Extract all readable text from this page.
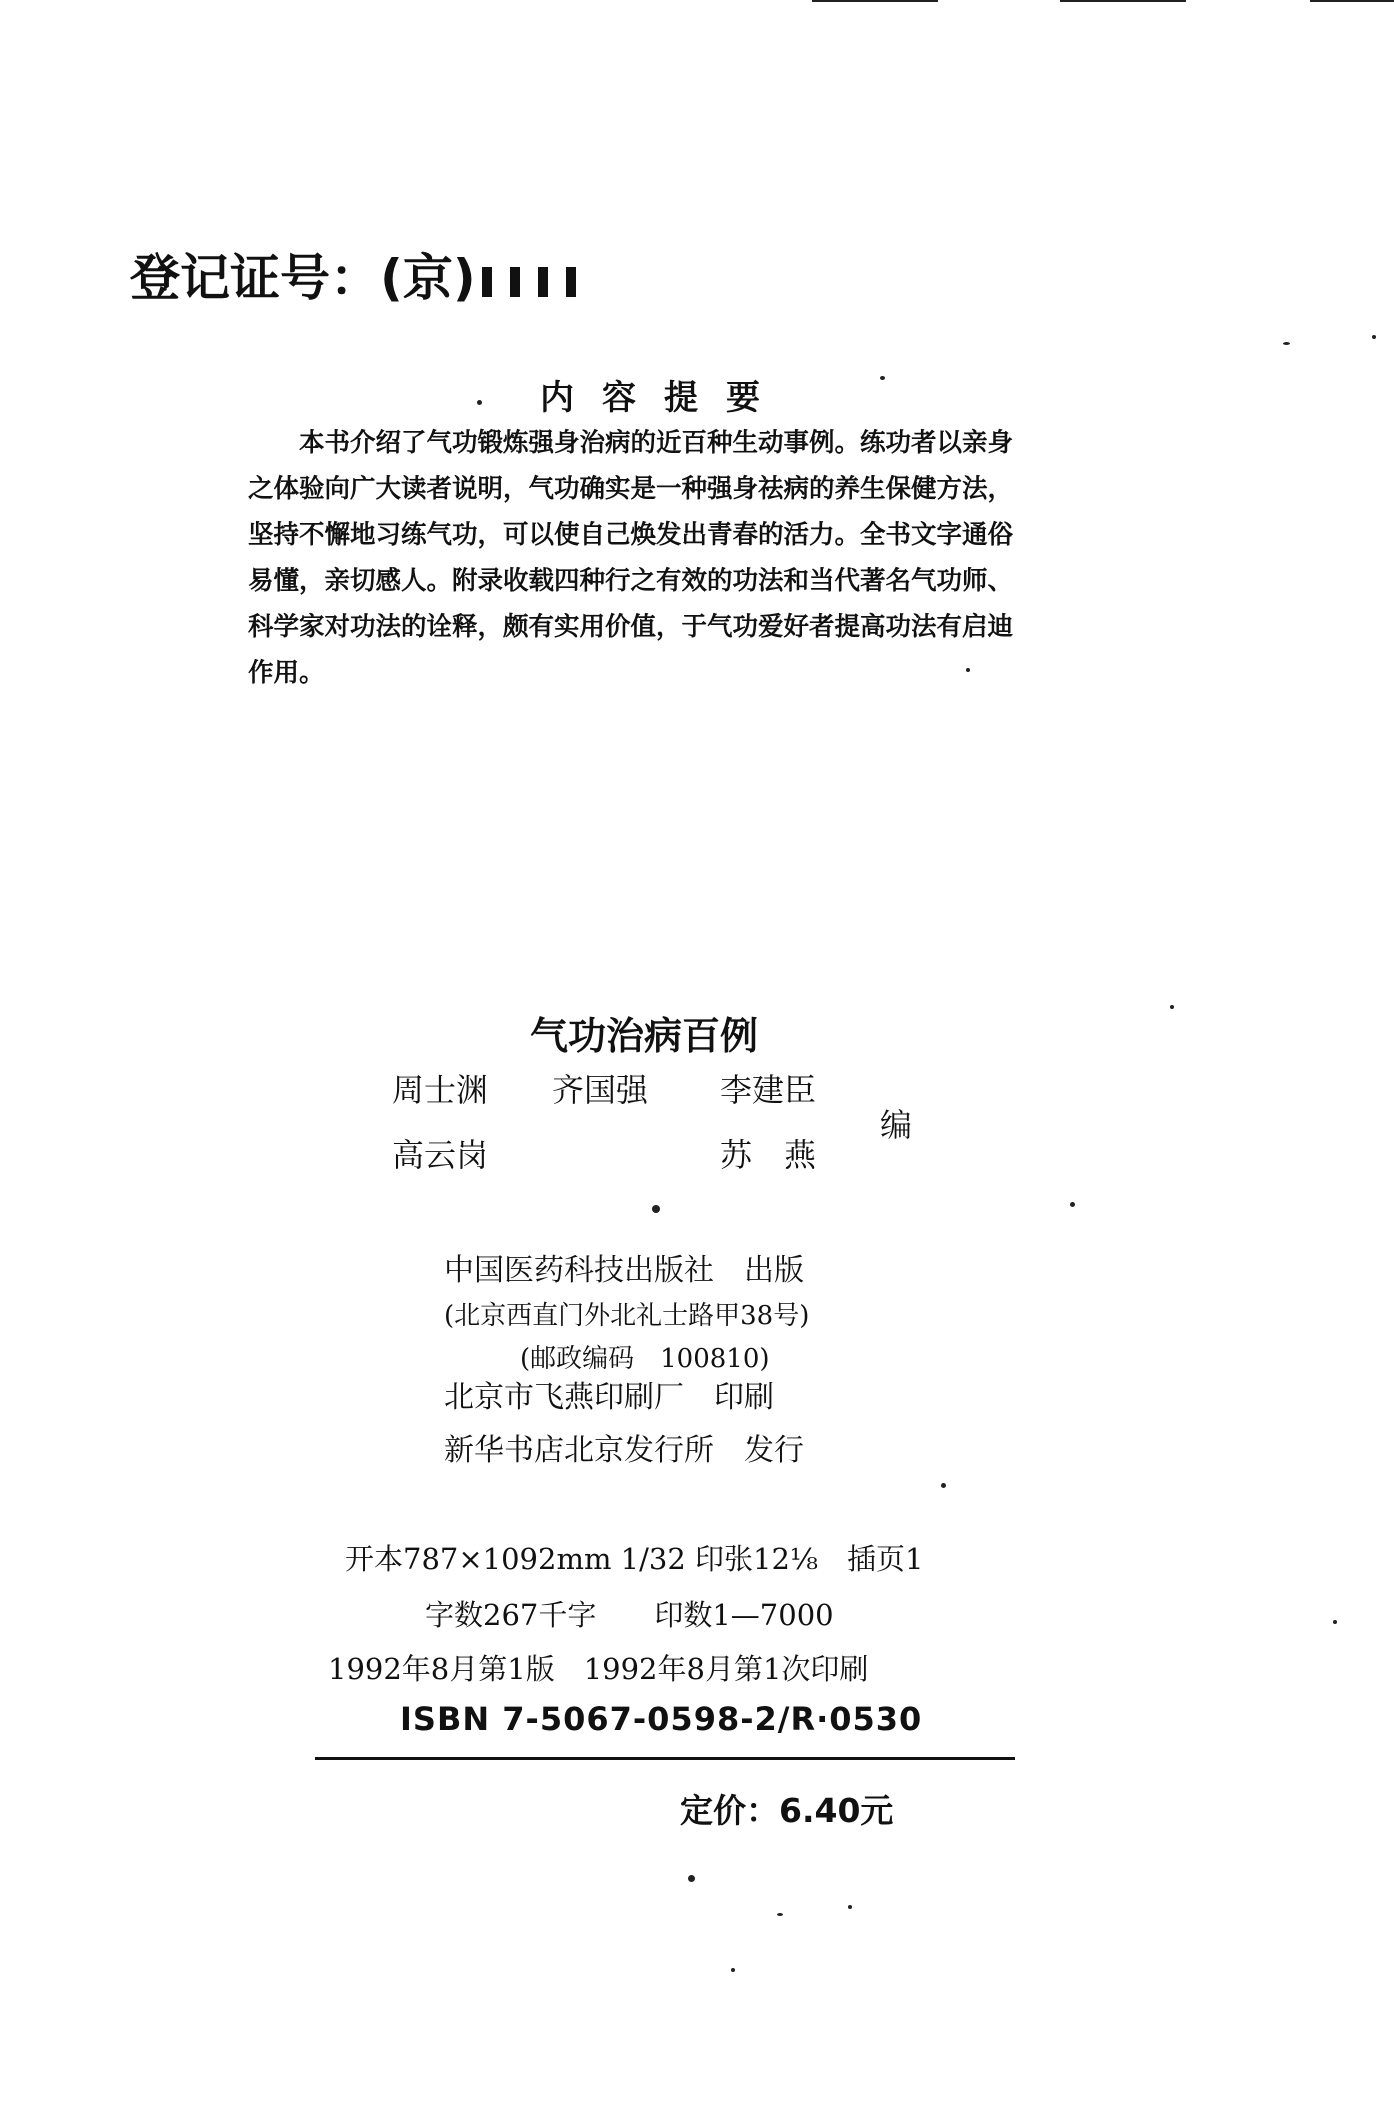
登记证号：(京)
内容提要

本书介绍了气功锻炼强身治病的近百种生动事例。练功者以亲身之体验向广大读者说明，气功确实是一种强身祛病的养生保健方法，坚持不懈地习练气功，可以使自己焕发出青春的活力。全书文字通俗易懂，亲切感人。附录收载四种行之有效的功法和当代著名气功师、科学家对功法的诠释，颇有实用价值，于气功爱好者提高功法有启迪作用。

气功治病百例
周士渊 齐国强 李建臣
高云岗	苏　燕
编
中国医药科技出版社　出版
(北京西直门外北礼士路甲38号)
(邮政编码　100810)
北京市飞燕印刷厂　印刷
新华书店北京发行所　发行
开本787×1092mm 1/32 印张12⅛　插页1
字数267千字　　印数1—7000
1992年8月第1版　1992年8月第1次印刷
ISBN 7-5067-0598-2/R·0530
定价：6.40元
